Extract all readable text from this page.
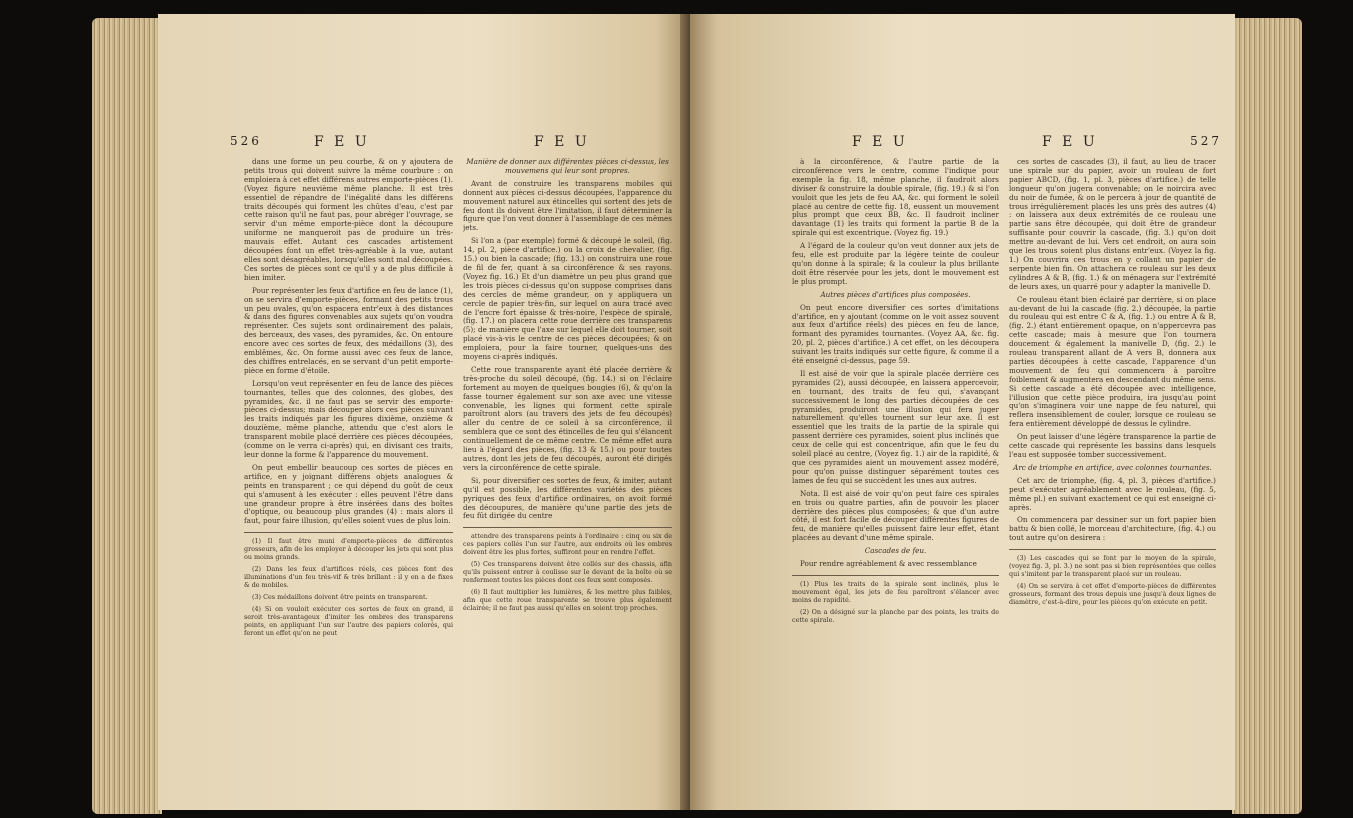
526	F E U	F E U

dans une forme un peu courbe, & on y ajoutera de petits trous qui doivent suivre la même courbure : on emploiera à cet effet différens autres emporte-pièces (1). (Voyez figure neuvième même planche. Il est très essentiel de répandre de l'inégalité dans les différens traits découpés qui forment les chûtes d'eau, c'est par cette raison qu'il ne faut pas, pour abréger l'ouvrage, se servir d'un même emporte-pièce dont la découpure uniforme ne manqueroit pas de produire un très-mauvais effet. Autant ces cascades artistement découpées font un effet très-agréable à la vue, autant elles sont désagréables, lorsqu'elles sont mal découpées. Ces sortes de pièces sont ce qu'il y a de plus difficile à bien imiter.

Pour représenter les feux d'artifice en feu de lance (1), on se servira d'emporte-pièces, formant des petits trous un peu ovales, qu'on espacera entr'eux à des distances & dans des figures convenables aux sujets qu'on voudra représenter. Ces sujets sont ordinairement des palais, des berceaux, des vases, des pyramides, &c. On entoure encore avec ces sortes de feux, des médaillons (3), des emblêmes, &c. On forme aussi avec ces feux de lance, des chiffres entrelacés, en se servant d'un petit emporte-pièce en forme d'étoile.

Lorsqu'on veut représenter en feu de lance des pièces tournantes, telles que des colonnes, des globes, des pyramides, &c. il ne faut pas se servir des emporte-pièces ci-dessus; mais découper alors ces pièces suivant les traits indiqués par les figures dixième, onzième & douzième, même planche, attendu que c'est alors le transparent mobile placé derrière ces pièces découpées, (comme on le verra ci-après) qui, en divisant ces traits, leur donne la forme & l'apparence du mouvement.

On peut embellir beaucoup ces sortes de pièces en artifice, en y joignant différens objets analogues & peints en transparent ; ce qui dépend du goût de ceux qui s'amusent à les exécuter : elles peuvent l'être dans une grandeur propre à être insérées dans des boîtes d'optique, ou beaucoup plus grandes (4) : mais alors il faut, pour faire illusion, qu'elles soient vues de plus loin.

(1) Il faut être muni d'emporte-pièces de différentes grosseurs, afin de les employer à découper les jets qui sont plus ou moins grands.

(2) Dans les feux d'artifices réels, ces pièces font des illuminations d'un feu très-vif & très brillant : il y en a de fixes & de mobiles.

(3) Ces médaillons doivent être peints en transparent.

(4) Si on vouloit exécuter ces sortes de feux en grand, il seroit très-avantageux d'imiter les ombres des transparens peints, en appliquant l'un sur l'autre des papiers colorés, qui feront un effet qu'on ne peut

Manière de donner aux différentes pièces ci-dessus, les mouvemens qui leur sont propres.

Avant de construire les transparens mobiles qui donnent aux pièces ci-dessus découpées, l'apparence du mouvement naturel aux étincelles qui sortent des jets de feu dont ils doivent être l'imitation, il faut déterminer la figure que l'on veut donner à l'assemblage de ces mêmes jets.

Si l'on a (par exemple) formé & découpé le soleil, (fig. 14, pl. 2, pièce d'artifice.) ou la croix de chevalier, (fig. 15.) ou bien la cascade; (fig. 13.) on construira une roue de fil de fer, quant à sa circonférence & ses rayons. (Voyez fig. 16.) Et d'un diamètre un peu plus grand que les trois pièces ci-dessus qu'on suppose comprises dans des cercles de même grandeur, on y appliquera un cercle de papier très-fin, sur lequel on aura tracé avec de l'encre fort épaisse & très-noire, l'espèce de spirale, (fig. 17.) on placera cette roue derrière ces transparens (5); de manière que l'axe sur lequel elle doit tourner, soit placé vis-à-vis le centre de ces pièces découpées; & on emploiera, pour la faire tourner, quelques-uns des moyens ci-après indiqués.

Cette roue transparente ayant été placée derrière & très-proche du soleil découpé, (fig. 14.) si on l'éclaire fortement au moyen de quelques bougies (6), & qu'on la fasse tourner également sur son axe avec une vitesse convenable, les lignes qui forment cette spirale paroîtront alors (au travers des jets de feu découpés) aller du centre de ce soleil à sa circonférence, il semblera que ce sont des étincelles de feu qui s'élancent continuellement de ce même centre. Ce même effet aura lieu à l'égard des pièces, (fig. 13 & 15.) ou pour toutes autres, dont les jets de feu découpés, auront été dirigés vers la circonférence de cette spirale.

Si, pour diversifier ces sortes de feux, & imiter, autant qu'il est possible, les différentes variétés des pièces pyriques des feux d'artifice ordinaires, on avoit formé des découpures, de manière qu'une partie des jets de feu fût dirigée du centre

attendre des transparens peints à l'ordinaire : cinq ou six de ces papiers collés l'un sur l'autre, aux endroits où les ombres doivent être les plus fortes, suffiront pour en rendre l'effet.

(5) Ces transparens doivent être collés sur des chassis, afin qu'ils puissent entrer à coulisse sur le devant de la boîte où se renferment toutes les pièces dont ces feux sont composés.

(6) Il faut multiplier les lumières, & les mettre plus faibles, afin que cette roue transparente se trouve plus également éclairée; il ne faut pas aussi qu'elles en soient trop proches.

F E U	F E U	527

à la circonférence, & l'autre partie de la circonférence vers le centre, comme l'indique pour exemple la fig. 18, même planche, il faudroit alors diviser & construire la double spirale, (fig. 19.) & si l'on vouloit que les jets de feu AA, &c. qui forment le soleil placé au centre de cette fig. 18, eussent un mouvement plus prompt que ceux BB, &c. Il faudroit incliner davantage (1) les traits qui forment la partie B de la spirale qui est excentrique. (Voyez fig. 19.)

A l'égard de la couleur qu'on veut donner aux jets de feu, elle est produite par la légère teinte de couleur qu'on donne à la spirale; & la couleur la plus brillante doit être réservée pour les jets, dont le mouvement est le plus prompt.

Autres pièces d'artifices plus composées.

On peut encore diversifier ces sortes d'imitations d'artifice, en y ajoutant (comme on le voit assez souvent aux feux d'artifice réels) des pièces en feu de lance, formant des pyramides tournantes. (Voyez AA, &c. fig. 20, pl. 2, pièces d'artifice.) A cet effet, on les découpera suivant les traits indiqués sur cette figure, & comme il a été enseigné ci-dessus, page 59.

Il est aisé de voir que la spirale placée derrière ces pyramides (2), aussi découpée, en laissera appercevoir, en tournant, des traits de feu qui, s'avançant successivement le long des parties découpées de ces pyramides, produiront une illusion qui fera juger naturellement qu'elles tournent sur leur axe. Il est essentiel que les traits de la partie de la spirale qui passent derrière ces pyramides, soient plus inclinés que ceux de celle qui est concentrique, afin que le feu du soleil placé au centre, (Voyez fig. 1.) air de la rapidité, & que ces pyramides aient un mouvement assez modéré, pour qu'on puisse distinguer séparément toutes ces lames de feu qui se succèdent les unes aux autres.

Nota. Il est aisé de voir qu'on peut faire ces spirales en trois ou quatre parties, afin de pouvoir les placer derrière des pièces plus composées; & que d'un autre côté, il est fort facile de découper différentes figures de feu, de manière qu'elles puissent faire leur effet, étant placées au devant d'une même spirale.

Cascades de feu.

Pour rendre agréablement & avec ressemblance

(1) Plus les traits de la spirale sont inclinés, plus le mouvement égal, les jets de feu paroîtront s'élancer avec moins de rapidité.

(2) On a désigné sur la planche par des points, les traits de cette spirale.

ces sortes de cascades (3), il faut, au lieu de tracer une spirale sur du papier, avoir un rouleau de fort papier ABCD, (fig. 1, pl. 3, pièces d'artifice.) de telle longueur qu'on jugera convenable; on le noircira avec du noir de fumée, & on le percera à jour de quantité de trous irrégulièrement placés les uns près des autres (4) : on laissera aux deux extrémités de ce rouleau une partie sans être découpée, qui doit être de grandeur suffisante pour couvrir la cascade, (fig. 3.) qu'on doit mettre au-devant de lui. Vers cet endroit, on aura soin que les trous soient plus distans entr'eux. (Voyez la fig. 1.) On couvrira ces trous en y collant un papier de serpente bien fin. On attachera ce rouleau sur les deux cylindres A & B, (fig. 1.) & on ménagera sur l'extrémité de leurs axes, un quarré pour y adapter la manivelle D.

Ce rouleau étant bien éclairé par derrière, si on place au-devant de lui la cascade (fig. 2.) découpée, la partie du rouleau qui est entre C & A, (fig. 1.) ou entre A & B, (fig. 2.) étant entièrement opaque, on n'appercevra pas cette cascade; mais à mesure que l'on tournera doucement & également la manivelle D, (fig. 2.) le rouleau transparent allant de A vers B, donnera aux parties découpées à cette cascade, l'apparence d'un mouvement de feu qui commencera à paroître foiblement & augmentera en descendant du même sens. Si cette cascade a été découpée avec intelligence, l'illusion que cette pièce produira, ira jusqu'au point qu'on s'imaginera voir une nappe de feu naturel, qui reflera insensiblement de couler, lorsque ce rouleau se fera entièrement développé de dessus le cylindre.

On peut laisser d'une légère transparence la partie de cette cascade qui représente les bassins dans lesquels l'eau est supposée tomber successivement.

Arc de triomphe en artifice, avec colonnes tournantes.

Cet arc de triomphe, (fig. 4, pl. 3, pièces d'artifice.) peut s'exécuter agréablement avec le rouleau, (fig. 5, même pl.) en suivant exactement ce qui est enseigné ci-après.

On commencera par dessiner sur un fort papier bien battu & bien collé, le morceau d'architecture, (fig. 4.) ou tout autre qu'on desirera :

(3) Les cascades qui se font par le moyen de la spirale, (voyez fig. 3, pl. 3.) ne sont pas si bien représentées que celles qui s'imitent par le transparent placé sur un rouleau.

(4) On se servira à cet effet d'emporte-pièces de différentes grosseurs, formant des trous depuis une jusqu'à deux lignes de diamètre, c'est-à-dire, pour les pièces qu'on exécute en petit.
